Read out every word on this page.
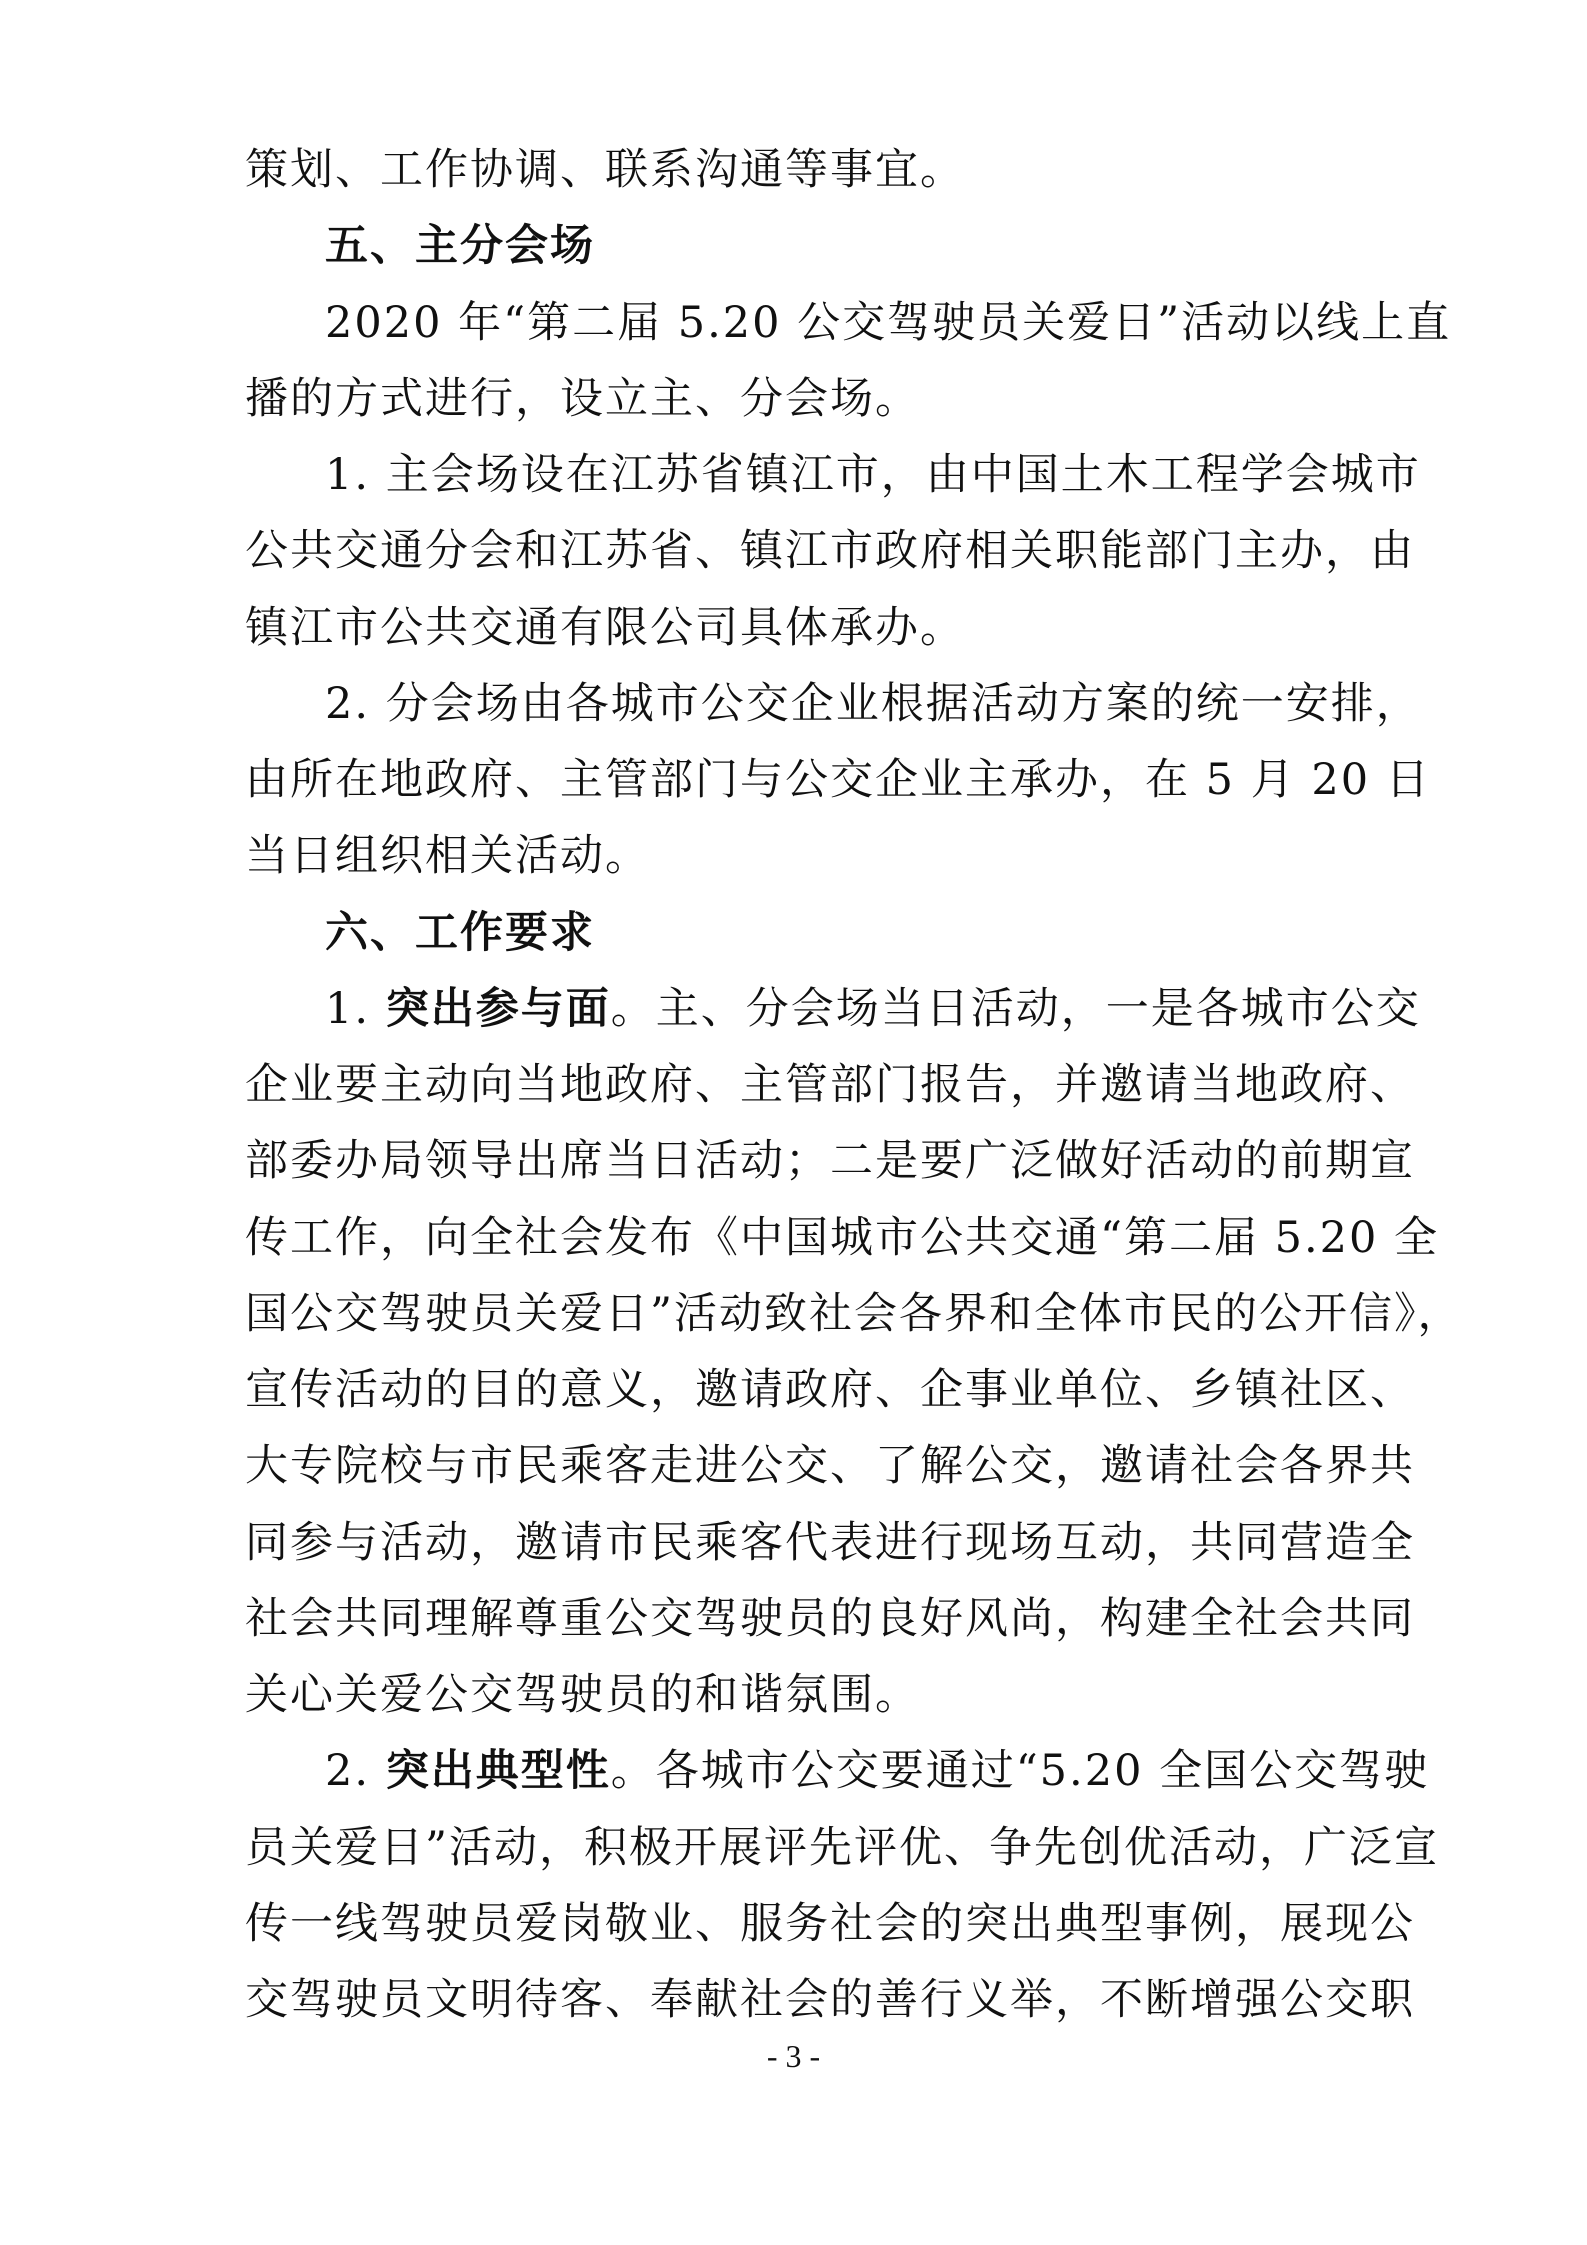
策划、工作协调、联系沟通等事宜。
五、主分会场
2020 年“第二届 5.20 公交驾驶员关爱日”活动以线上直
播的方式进行，设立主、分会场。
1. 主会场设在江苏省镇江市，由中国土木工程学会城市
公共交通分会和江苏省、镇江市政府相关职能部门主办，由
镇江市公共交通有限公司具体承办。
2. 分会场由各城市公交企业根据活动方案的统一安排，
由所在地政府、主管部门与公交企业主承办，在 5 月 20 日
当日组织相关活动。
六、工作要求
1. 突出参与面。主、分会场当日活动，一是各城市公交
企业要主动向当地政府、主管部门报告，并邀请当地政府、
部委办局领导出席当日活动；二是要广泛做好活动的前期宣
传工作，向全社会发布《中国城市公共交通“第二届 5.20 全
国公交驾驶员关爱日”活动致社会各界和全体市民的公开信》，
宣传活动的目的意义，邀请政府、企事业单位、乡镇社区、
大专院校与市民乘客走进公交、了解公交，邀请社会各界共
同参与活动，邀请市民乘客代表进行现场互动，共同营造全
社会共同理解尊重公交驾驶员的良好风尚，构建全社会共同
关心关爱公交驾驶员的和谐氛围。
2. 突出典型性。各城市公交要通过“5.20 全国公交驾驶
员关爱日”活动，积极开展评先评优、争先创优活动，广泛宣
传一线驾驶员爱岗敬业、服务社会的突出典型事例，展现公
交驾驶员文明待客、奉献社会的善行义举，不断增强公交职
- 3 -
